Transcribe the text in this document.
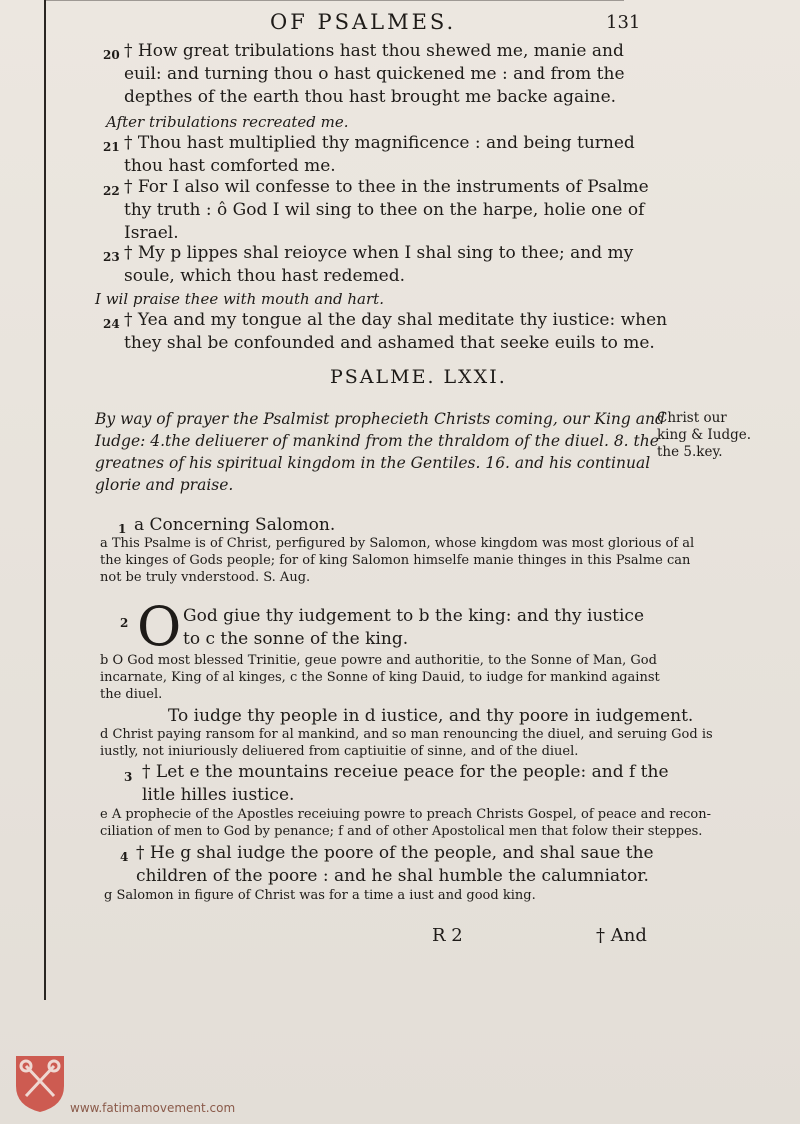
OF PSALMES.	131
20 † How great tribulations hast thou shewed me, manie and
euil: and turning thou o hast quickened me : and from the
depthes of the earth thou hast brought me backe againe.
After tribulations recreated me.
21 † Thou hast multiplied thy magnificence : and being turned
thou hast comforted me.
22 † For I also wil confesse to thee in the instruments of Psalme
thy truth : ô God I wil sing to thee on the harpe, holie one of
Israel.
23 † My p lippes shal reioyce when I shal sing to thee; and my
soule, which thou hast redemed.
I wil praise thee with mouth and hart.
24 † Yea and my tongue al the day shal meditate thy iustice: when
they shal be confounded and ashamed that seeke euils to me.
PSALME. LXXI.
By way of prayer the Psalmist prophecieth Christs coming, our King and
Iudge: 4.the deliuerer of mankind from the thraldom of the diuel. 8. the
greatnes of his spiritual kingdom in the Gentiles. 16. and his continual
glorie and praise.
Christ our
king & Iudge.
the 5.key.
1 a Concerning Salomon.
a This Psalme is of Christ, perfigured by Salomon, whose kingdom was most glorious of al
the kinges of Gods people; for of king Salomon himselfe manie thinges in this Psalme can
not be truly vnderstood. S. Aug.
2 O God giue thy iudgement to b the king: and thy iustice
to c the sonne of the king.
b O God most blessed Trinitie, geue powre and authoritie, to the Sonne of Man, God
incarnate, King of al kinges, c the Sonne of king Dauid, to iudge for mankind against
the diuel.
To iudge thy people in d iustice, and thy poore in iudgement.
d Christ paying ransom for al mankind, and so man renouncing the diuel, and seruing God is
iustly, not iniuriously deliuered from captiuitie of sinne, and of the diuel.
3 † Let e the mountains receiue peace for the people: and f the
litle hilles iustice.
e A prophecie of the Apostles receiuing powre to preach Christs Gospel, of peace and recon-
ciliation of men to God by penance; f and of other Apostolical men that folow their steppes.
4 † He g shal iudge the poore of the people, and shal saue the
children of the poore : and he shal humble the calumniator.
g Salomon in figure of Christ was for a time a iust and good king.
R 2	† And
www.fatimamovement.com
